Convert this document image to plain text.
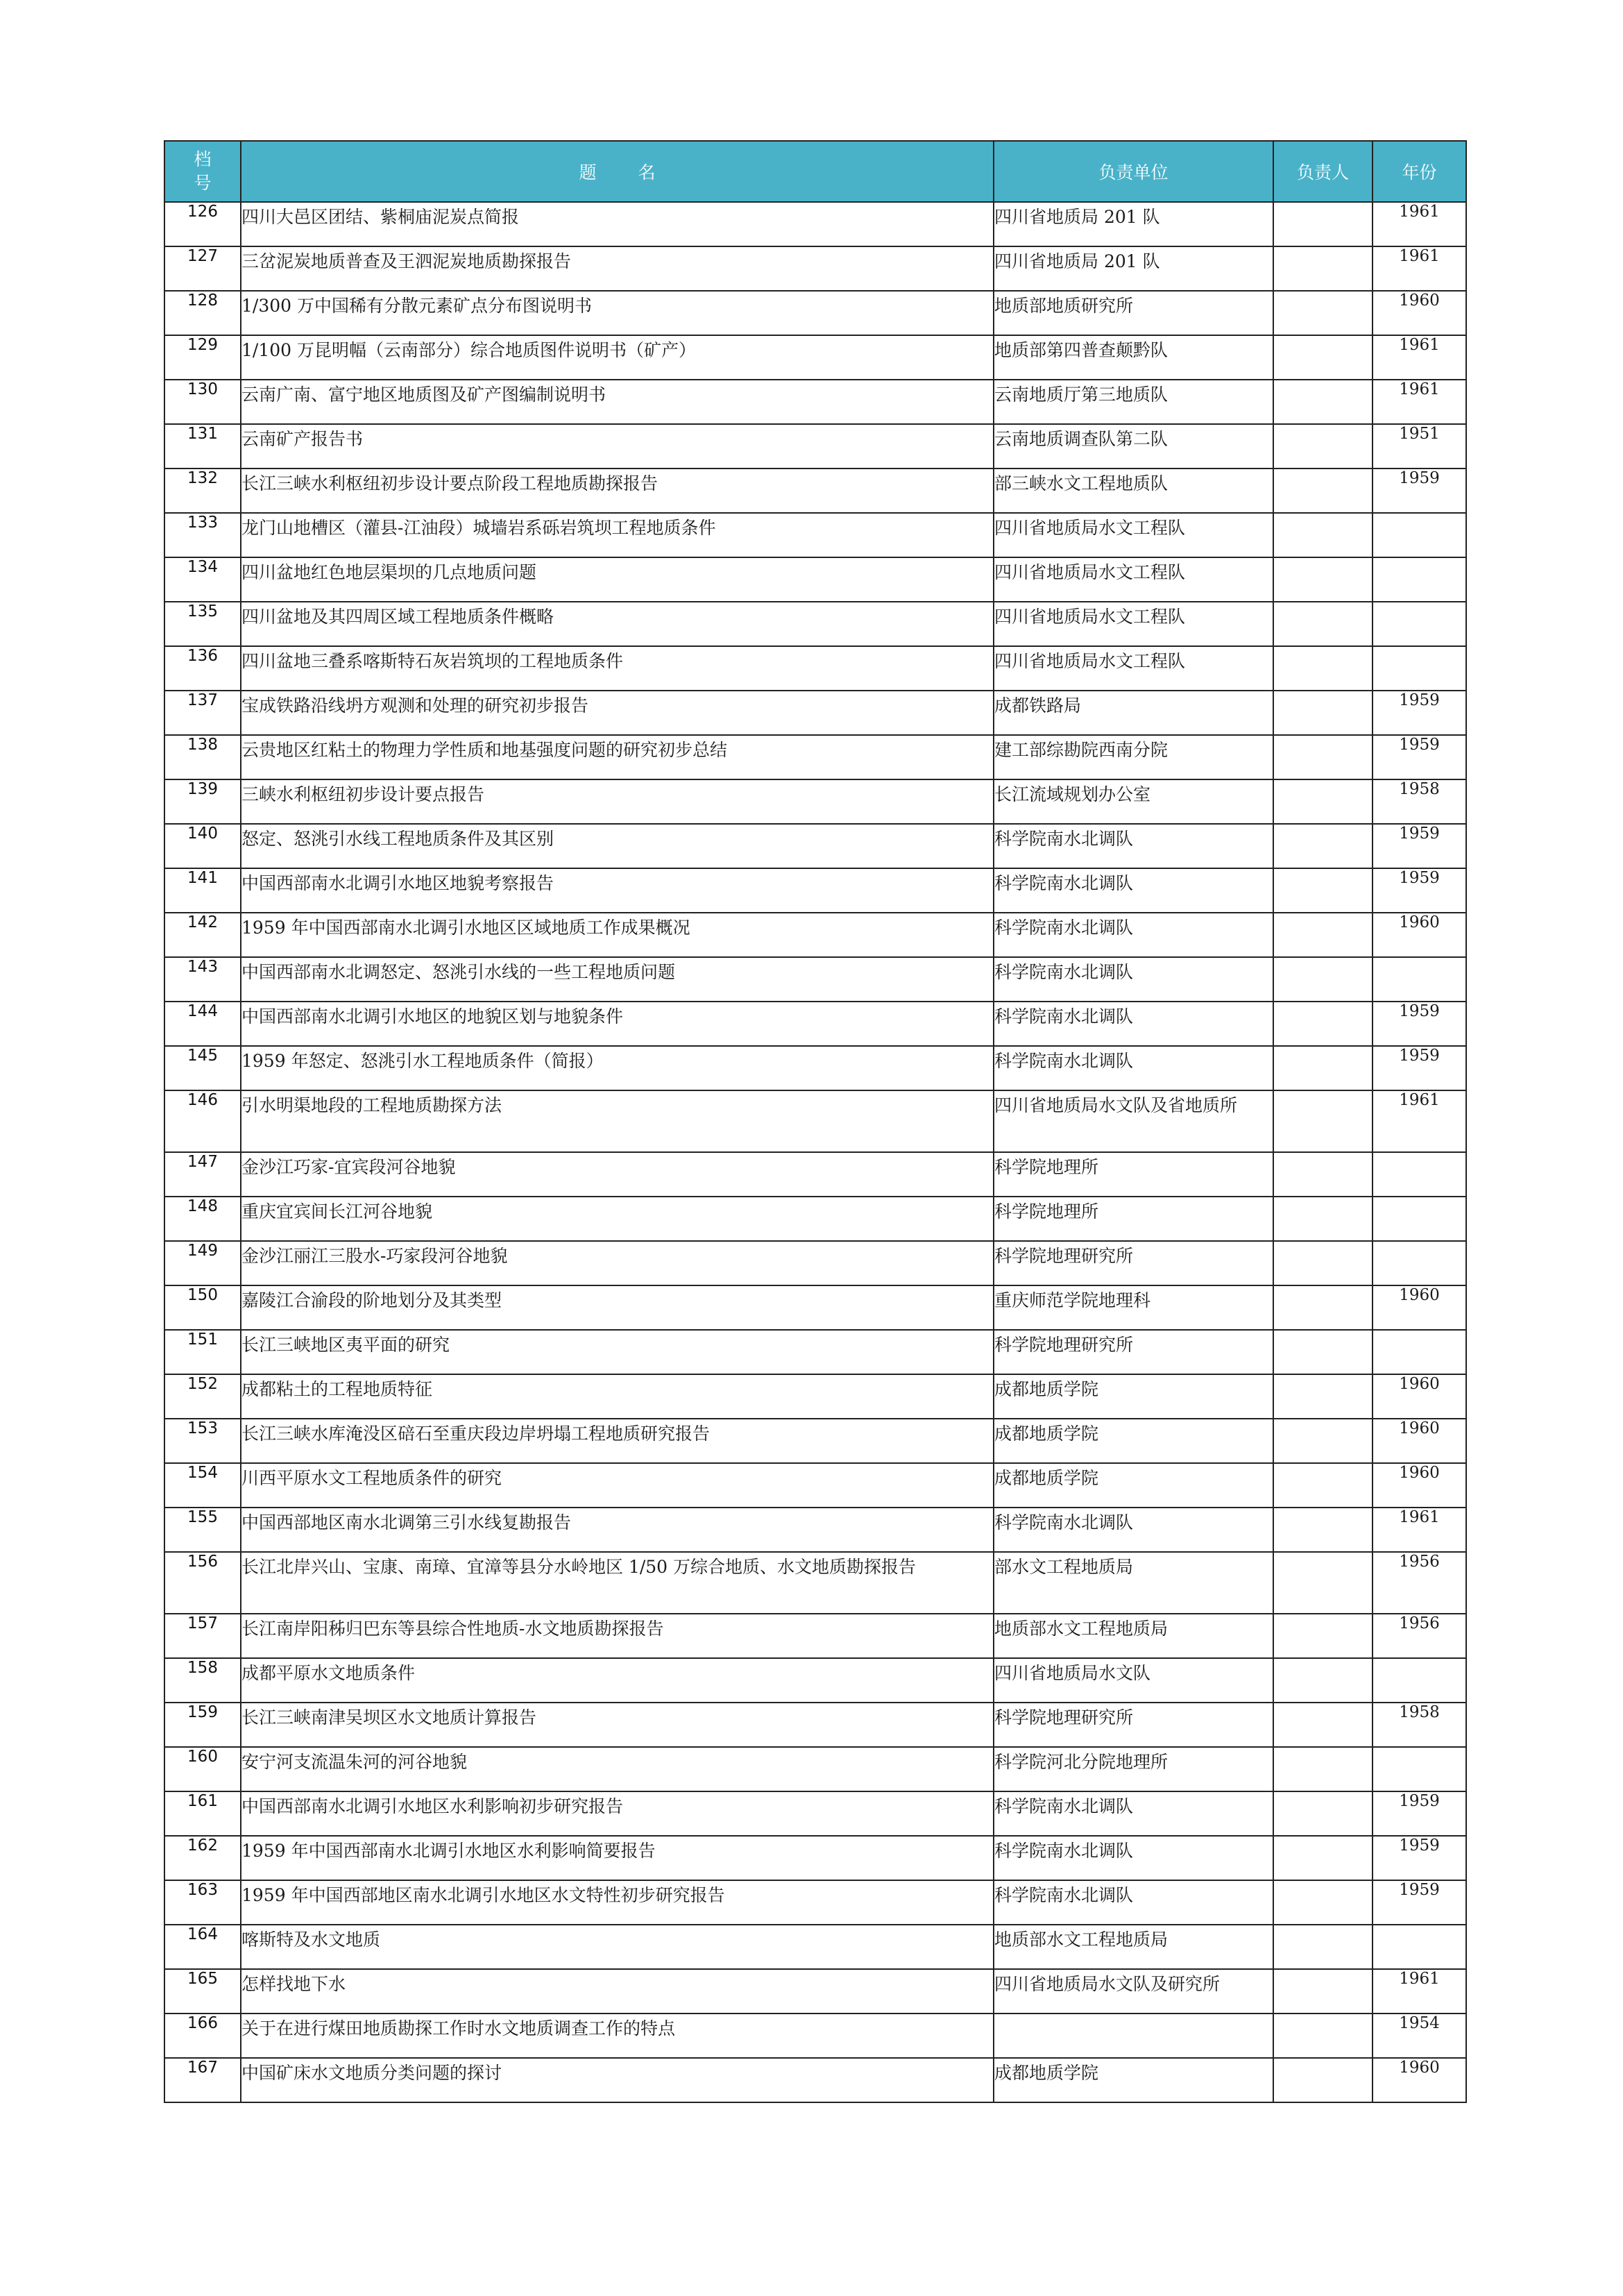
档号	题名	负责单位	负责人	年份
126	四川大邑区团结、紫桐庙泥炭点简报	四川省地质局 201 队		1961
127	三岔泥炭地质普查及王泗泥炭地质勘探报告	四川省地质局 201 队		1961
128	1/300 万中国稀有分散元素矿点分布图说明书	地质部地质研究所		1960
129	1/100 万昆明幅（云南部分）综合地质图件说明书（矿产）	地质部第四普查颠黔队		1961
130	云南广南、富宁地区地质图及矿产图编制说明书	云南地质厅第三地质队		1961
131	云南矿产报告书	云南地质调查队第二队		1951
132	长江三峡水利枢纽初步设计要点阶段工程地质勘探报告	部三峡水文工程地质队		1959
133	龙门山地槽区（灌县-江油段）城墙岩系砾岩筑坝工程地质条件	四川省地质局水文工程队		
134	四川盆地红色地层渠坝的几点地质问题	四川省地质局水文工程队		
135	四川盆地及其四周区域工程地质条件概略	四川省地质局水文工程队		
136	四川盆地三叠系喀斯特石灰岩筑坝的工程地质条件	四川省地质局水文工程队		
137	宝成铁路沿线坍方观测和处理的研究初步报告	成都铁路局		1959
138	云贵地区红粘土的物理力学性质和地基强度问题的研究初步总结	建工部综勘院西南分院		1959
139	三峡水利枢纽初步设计要点报告	长江流域规划办公室		1958
140	怒定、怒洮引水线工程地质条件及其区别	科学院南水北调队		1959
141	中国西部南水北调引水地区地貌考察报告	科学院南水北调队		1959
142	1959 年中国西部南水北调引水地区区域地质工作成果概况	科学院南水北调队		1960
143	中国西部南水北调怒定、怒洮引水线的一些工程地质问题	科学院南水北调队		
144	中国西部南水北调引水地区的地貌区划与地貌条件	科学院南水北调队		1959
145	1959 年怒定、怒洮引水工程地质条件（简报）	科学院南水北调队		1959
146	引水明渠地段的工程地质勘探方法	四川省地质局水文队及省地质所		1961
147	金沙江巧家-宜宾段河谷地貌	科学院地理所		
148	重庆宜宾间长江河谷地貌	科学院地理所		
149	金沙江丽江三股水-巧家段河谷地貌	科学院地理研究所		
150	嘉陵江合渝段的阶地划分及其类型	重庆师范学院地理科		1960
151	长江三峡地区夷平面的研究	科学院地理研究所		
152	成都粘土的工程地质特征	成都地质学院		1960
153	长江三峡水库淹没区碚石至重庆段边岸坍塌工程地质研究报告	成都地质学院		1960
154	川西平原水文工程地质条件的研究	成都地质学院		1960
155	中国西部地区南水北调第三引水线复勘报告	科学院南水北调队		1961
156	长江北岸兴山、宝康、南璋、宜漳等县分水岭地区 1/50 万综合地质、水文地质勘探报告	部水文工程地质局		1956
157	长江南岸阳秭归巴东等县综合性地质-水文地质勘探报告	地质部水文工程地质局		1956
158	成都平原水文地质条件	四川省地质局水文队		
159	长江三峡南津吴坝区水文地质计算报告	科学院地理研究所		1958
160	安宁河支流温朱河的河谷地貌	科学院河北分院地理所		
161	中国西部南水北调引水地区水利影响初步研究报告	科学院南水北调队		1959
162	1959 年中国西部南水北调引水地区水利影响简要报告	科学院南水北调队		1959
163	1959 年中国西部地区南水北调引水地区水文特性初步研究报告	科学院南水北调队		1959
164	喀斯特及水文地质	地质部水文工程地质局		
165	怎样找地下水	四川省地质局水文队及研究所		1961
166	关于在进行煤田地质勘探工作时水文地质调查工作的特点			1954
167	中国矿床水文地质分类问题的探讨	成都地质学院		1960
